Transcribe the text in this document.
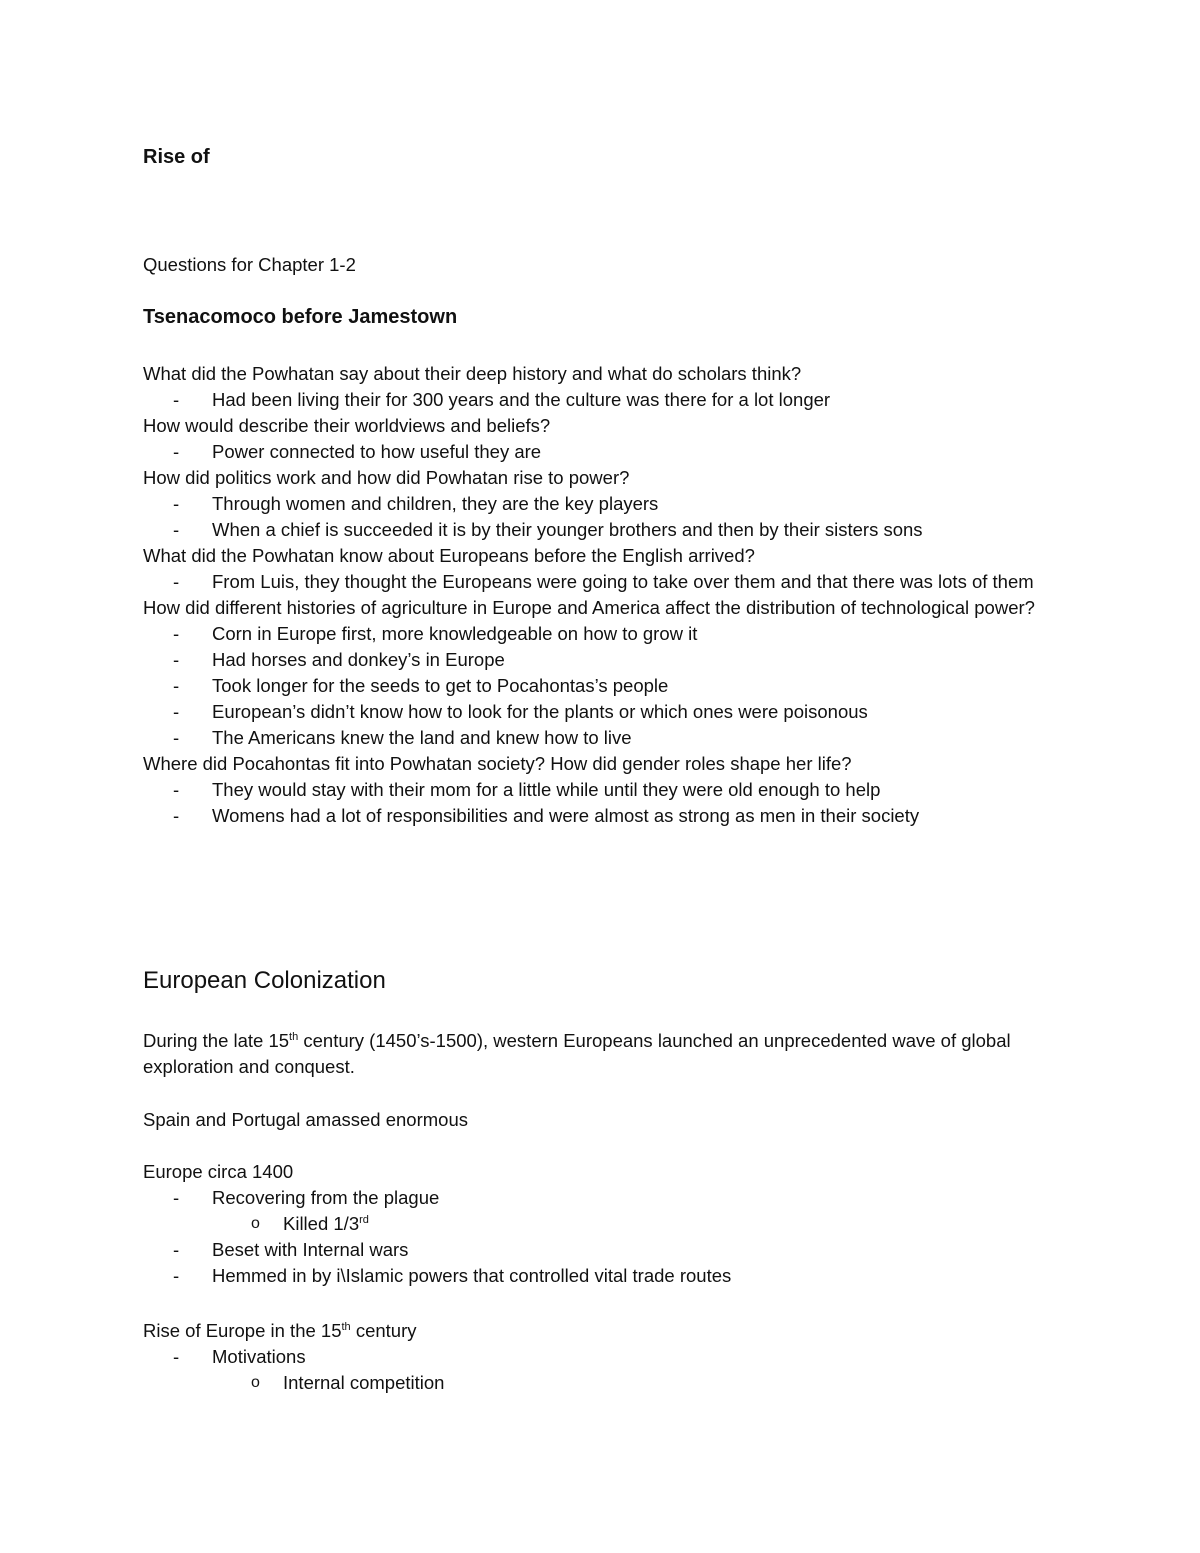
Rise of
Questions for Chapter 1-2
Tsenacomoco before Jamestown

What did the Powhatan say about their deep history and what do scholars think?

-	Had been living their for 300 years and the culture was there for a lot longer

How would describe their worldviews and beliefs?

-	Power connected to how useful they are

How did politics work and how did Powhatan rise to power?

-	Through women and children, they are the key players
-	When a chief is succeeded it is by their younger brothers and then by their sisters sons

What did the Powhatan know about Europeans before the English arrived?

-	From Luis, they thought the Europeans were going to take over them and that there was lots of them

How did different histories of agriculture in Europe and America affect the distribution of technological power?

-	Corn in Europe first, more knowledgeable on how to grow it
-	Had horses and donkey’s in Europe
-	Took longer for the seeds to get to Pocahontas’s people
-	European’s didn’t know how to look for the plants or which ones were poisonous
-	The Americans knew the land and knew how to live

Where did Pocahontas fit into Powhatan society? How did gender roles shape her life?

-	They would stay with their mom for a little while until they were old enough to help
-	Womens had a lot of responsibilities and were almost as strong as men in their society
European Colonization

During the late 15th century (1450’s-1500), western Europeans launched an unprecedented wave of global exploration and conquest.

Spain and Portugal amassed enormous

Europe circa 1400

-	Recovering from the plague
o	Killed 1/3rd
-	Beset with Internal wars
-	Hemmed in by i\Islamic powers that controlled vital trade routes

Rise of Europe in the 15th century

-	Motivations
o	Internal competition
